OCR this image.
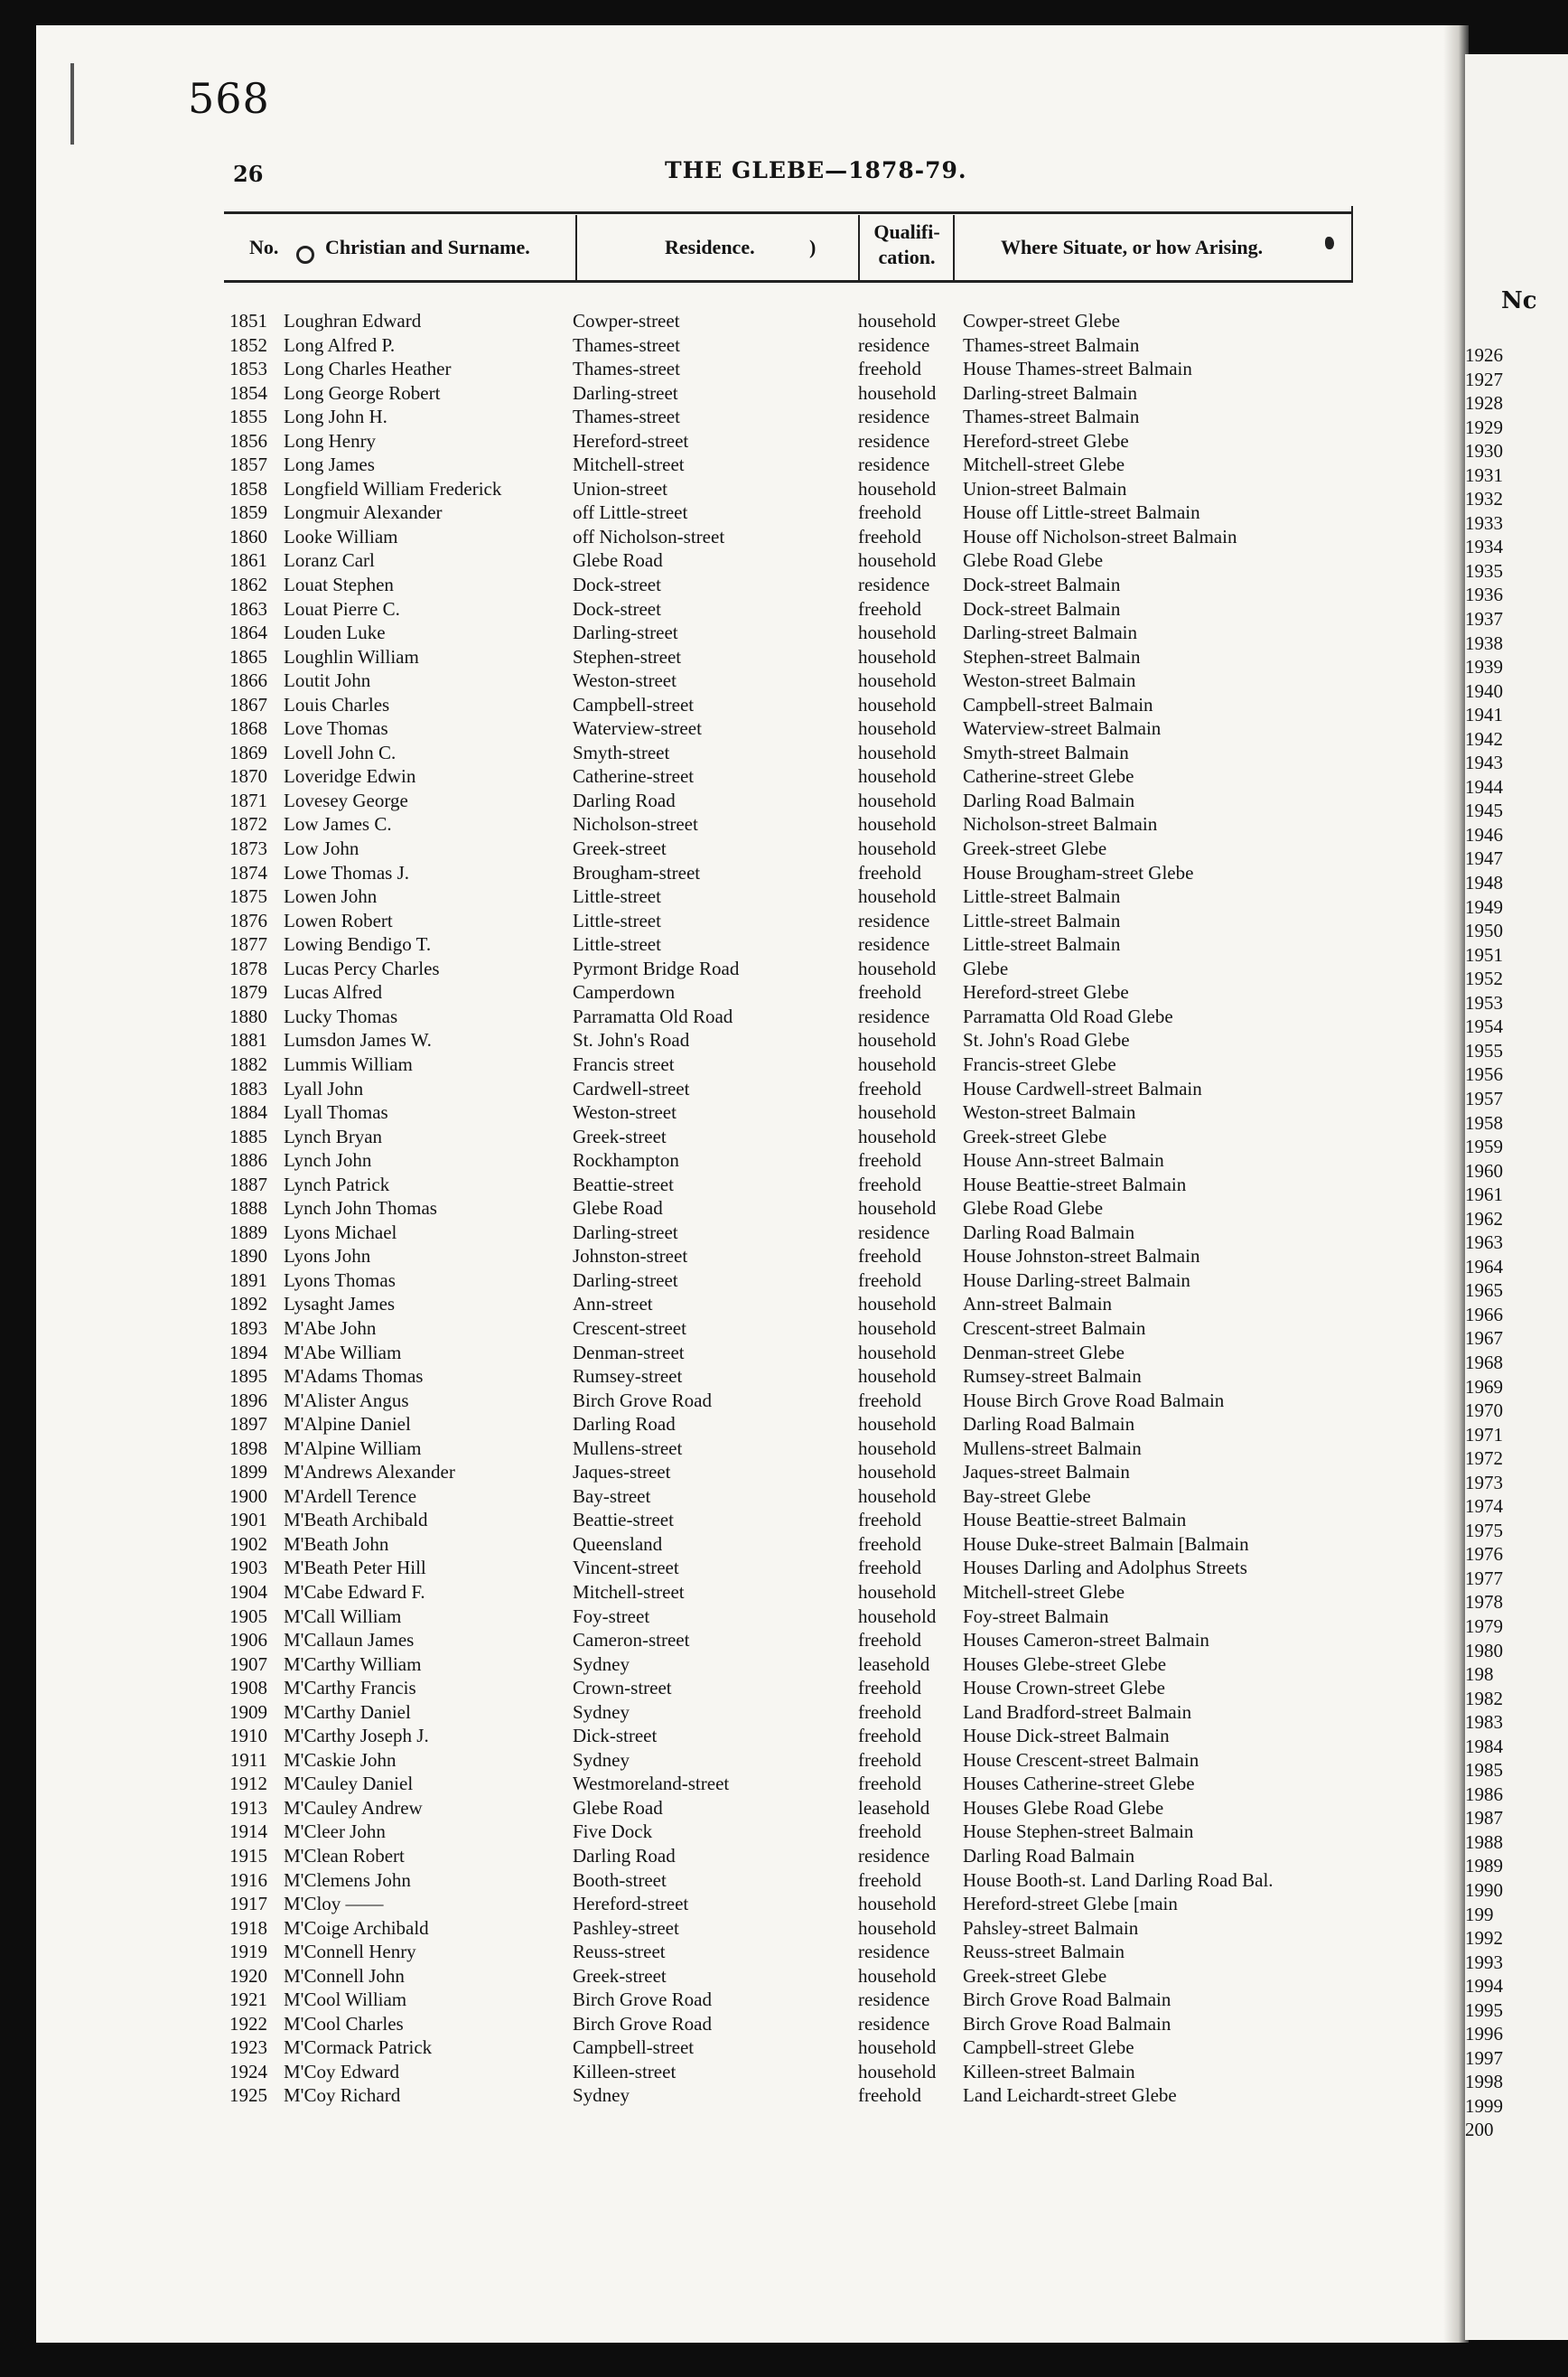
Nc
1926
1927
1928
1929
1930
1931
1932
1933
1934
1935
1936
1937
1938
1939
1940
1941
1942
1943
1944
1945
1946
1947
1948
1949
1950
1951
1952
1953
1954
1955
1956
1957
1958
1959
1960
1961
1962
1963
1964
1965
1966
1967
1968
1969
1970
1971
1972
1973
1974
1975
1976
1977
1978
1979
1980
198
1982
1983
1984
1985
1986
1987
1988
1989
1990
199
1992
1993
1994
1995
1996
1997
1998
1999
200
568
26	THE GLEBE—1878-79.
No. Christian and Surname.	Residence.	)
Qualifi-
cation.	Where Situate, or how Arising.
1851 Loughran Edward	Cowper-street	household Cowper-street Glebe
1852 Long Alfred P.	Thames-street	residence Thames-street Balmain
1853 Long Charles Heather	Thames-street	freehold House Thames-street Balmain
1854 Long George Robert	Darling-street	household Darling-street Balmain
1855 Long John H.	Thames-street	residence Thames-street Balmain
1856 Long Henry	Hereford-street	residence Hereford-street Glebe
1857 Long James	Mitchell-street	residence Mitchell-street Glebe
1858 Longfield William Frederick	Union-street	household Union-street Balmain
1859 Longmuir Alexander	off Little-street	freehold House off Little-street Balmain
1860 Looke William	off Nicholson-street	freehold House off Nicholson-street Balmain
1861 Loranz Carl	Glebe Road	household Glebe Road Glebe
1862 Louat Stephen	Dock-street	residence Dock-street Balmain
1863 Louat Pierre C.	Dock-street	freehold Dock-street Balmain
1864 Louden Luke	Darling-street	household Darling-street Balmain
1865 Loughlin William	Stephen-street	household Stephen-street Balmain
1866 Loutit John	Weston-street	household Weston-street Balmain
1867 Louis Charles	Campbell-street	household Campbell-street Balmain
1868 Love Thomas	Waterview-street	household Waterview-street Balmain
1869 Lovell John C.	Smyth-street	household Smyth-street Balmain
1870 Loveridge Edwin	Catherine-street	household Catherine-street Glebe
1871 Lovesey George	Darling Road	household Darling Road Balmain
1872 Low James C.	Nicholson-street	household Nicholson-street Balmain
1873 Low John	Greek-street	household Greek-street Glebe
1874 Lowe Thomas J.	Brougham-street	freehold House Brougham-street Glebe
1875 Lowen John	Little-street	household Little-street Balmain
1876 Lowen Robert	Little-street	residence Little-street Balmain
1877 Lowing Bendigo T.	Little-street	residence Little-street Balmain
1878 Lucas Percy Charles	Pyrmont Bridge Road	household Glebe
1879 Lucas Alfred	Camperdown	freehold Hereford-street Glebe
1880 Lucky Thomas	Parramatta Old Road	residence Parramatta Old Road Glebe
1881 Lumsdon James W.	St. John's Road	household St. John's Road Glebe
1882 Lummis William	Francis street	household Francis-street Glebe
1883 Lyall John	Cardwell-street	freehold House Cardwell-street Balmain
1884 Lyall Thomas	Weston-street	household Weston-street Balmain
1885 Lynch Bryan	Greek-street	household Greek-street Glebe
1886 Lynch John	Rockhampton	freehold House Ann-street Balmain
1887 Lynch Patrick	Beattie-street	freehold House Beattie-street Balmain
1888 Lynch John Thomas	Glebe Road	household Glebe Road Glebe
1889 Lyons Michael	Darling-street	residence Darling Road Balmain
1890 Lyons John	Johnston-street	freehold House Johnston-street Balmain
1891 Lyons Thomas	Darling-street	freehold House Darling-street Balmain
1892 Lysaght James	Ann-street	household Ann-street Balmain
1893 M'Abe John	Crescent-street	household Crescent-street Balmain
1894 M'Abe William	Denman-street	household Denman-street Glebe
1895 M'Adams Thomas	Rumsey-street	household Rumsey-street Balmain
1896 M'Alister Angus	Birch Grove Road	freehold House Birch Grove Road Balmain
1897 M'Alpine Daniel	Darling Road	household Darling Road Balmain
1898 M'Alpine William	Mullens-street	household Mullens-street Balmain
1899 M'Andrews Alexander	Jaques-street	household Jaques-street Balmain
1900 M'Ardell Terence	Bay-street	household Bay-street Glebe
1901 M'Beath Archibald	Beattie-street	freehold House Beattie-street Balmain
1902 M'Beath John	Queensland	freehold House Duke-street Balmain [Balmain
1903 M'Beath Peter Hill	Vincent-street	freehold Houses Darling and Adolphus Streets
1904 M'Cabe Edward F.	Mitchell-street	household Mitchell-street Glebe
1905 M'Call William	Foy-street	household Foy-street Balmain
1906 M'Callaun James	Cameron-street	freehold Houses Cameron-street Balmain
1907 M'Carthy William	Sydney	leasehold Houses Glebe-street Glebe
1908 M'Carthy Francis	Crown-street	freehold House Crown-street Glebe
1909 M'Carthy Daniel	Sydney	freehold Land Bradford-street Balmain
1910 M'Carthy Joseph J.	Dick-street	freehold House Dick-street Balmain
1911 M'Caskie John	Sydney	freehold House Crescent-street Balmain
1912 M'Cauley Daniel	Westmoreland-street	freehold Houses Catherine-street Glebe
1913 M'Cauley Andrew	Glebe Road	leasehold Houses Glebe Road Glebe
1914 M'Cleer John	Five Dock	freehold House Stephen-street Balmain
1915 M'Clean Robert	Darling Road	residence Darling Road Balmain
1916 M'Clemens John	Booth-street	freehold House Booth-st. Land Darling Road Bal.
1917 M'Cloy ——	Hereford-street	household Hereford-street Glebe [main
1918 M'Coige Archibald	Pashley-street	household Pahsley-street Balmain
1919 M'Connell Henry	Reuss-street	residence Reuss-street Balmain
1920 M'Connell John	Greek-street	household Greek-street Glebe
1921 M'Cool William	Birch Grove Road	residence Birch Grove Road Balmain
1922 M'Cool Charles	Birch Grove Road	residence Birch Grove Road Balmain
1923 M'Cormack Patrick	Campbell-street	household Campbell-street Glebe
1924 M'Coy Edward	Killeen-street	household Killeen-street Balmain
1925 M'Coy Richard	Sydney	freehold Land Leichardt-street Glebe
